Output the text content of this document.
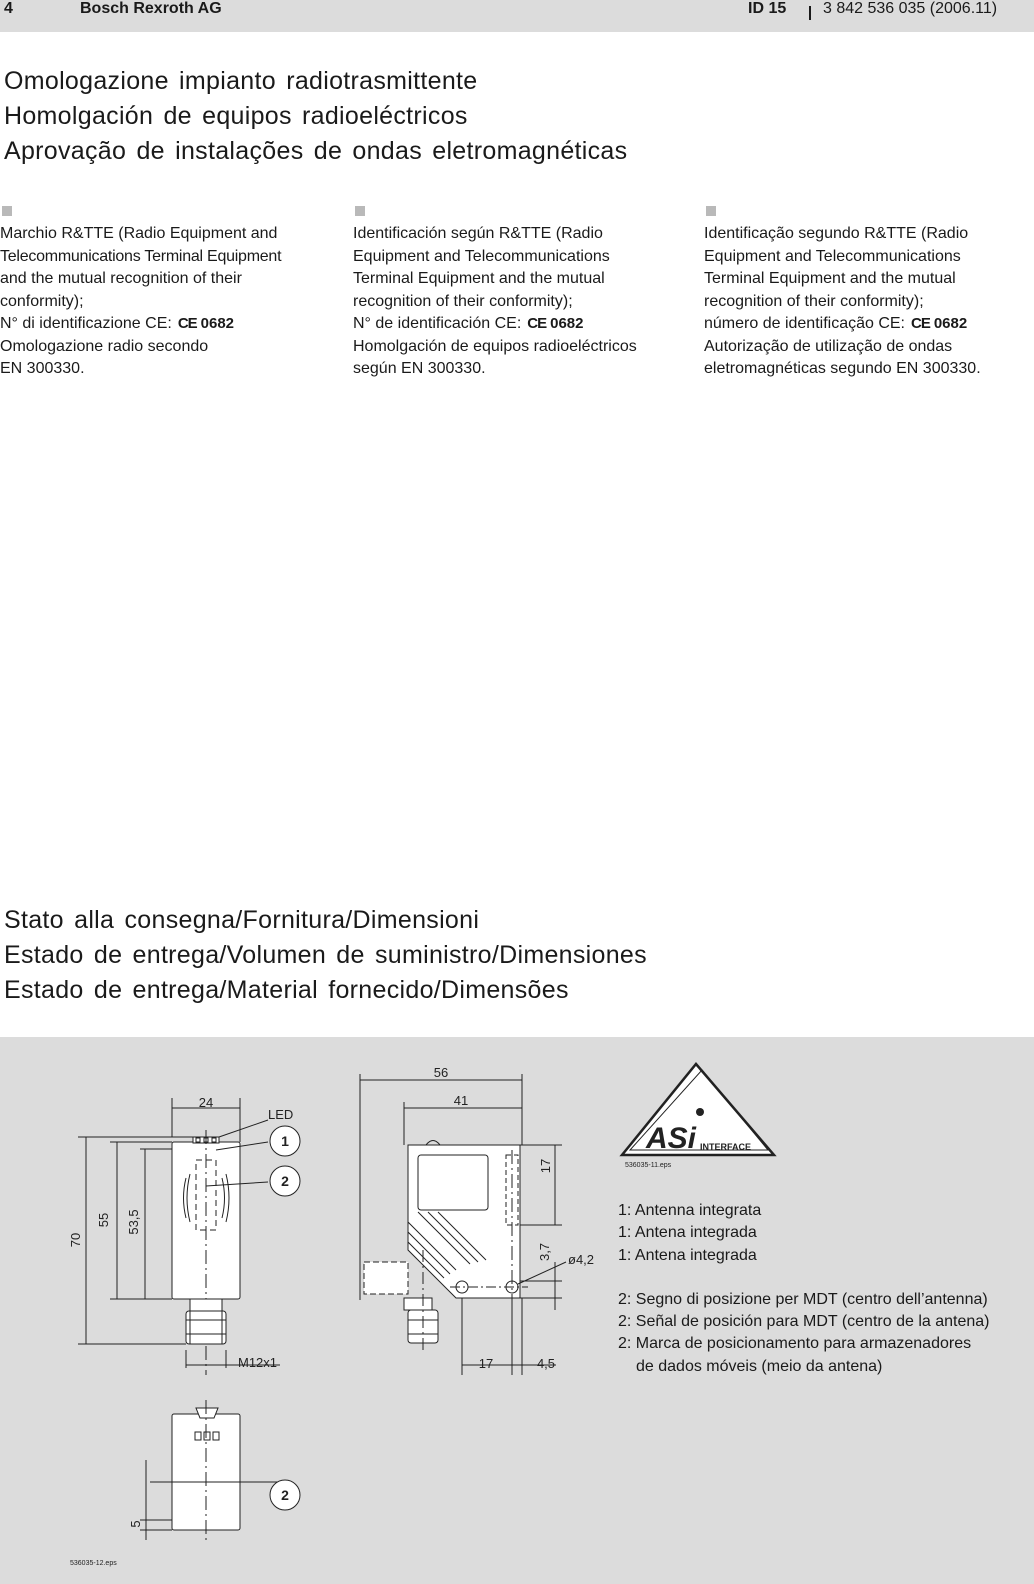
4	Bosch Rexroth AG	ID 15 3 842 536 035 (2006.11)
Omologazione impianto radiotrasmittente
Homolgación de equipos radioeléctricos
Aprovação de instalações de ondas eletromagnéticas
Marchio R&TTE (Radio Equipment and
Telecommunications Terminal Equipment
and the mutual recognition of their
conformity);
N° di identificazione CE: CE 0682
Omologazione radio secondo
EN 300330.
Identificación según R&TTE (Radio
Equipment and Telecommunications
Terminal Equipment and the mutual
recognition of their conformity);
N° de identificación CE: CE 0682
Homolgación de equipos radioeléctricos
según EN 300330.
Identificação segundo R&TTE (Radio
Equipment and Telecommunications
Terminal Equipment and the mutual
recognition of their conformity);
número de identificação CE: CE 0682
Autorização de utilização de ondas
eletromagnéticas segundo EN 300330.
Stato alla consegna/Fornitura/Dimensioni
Estado de entrega/Volumen de suministro/Dimensiones
Estado de entrega/Material fornecido/Dimensões
24
LED
1
2
70
55 53,5
M12x1
56
41
17
3,7 ø4,2
17	4,5
2
5
ASi INTERFACE
536035-11.eps
536035-12.eps
1: Antenna integrata
1: Antena integrada
1: Antena integrada
2: Segno di posizione per MDT (centro dell’antenna)
2: Señal de posición para MDT (centro de la antena)
2: Marca de posicionamento para armazenadores
de dados móveis (meio da antena)
